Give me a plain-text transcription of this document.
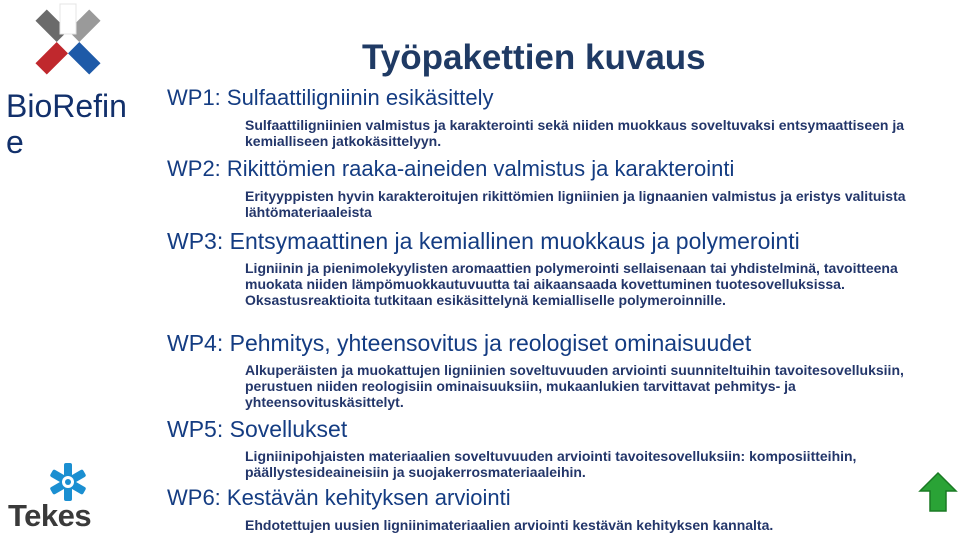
BioRefin e
Tekes
Työpakettien kuvaus
WP1: Sulfaattiligniinin esikäsittely

Sulfaattiligniinien valmistus ja karakterointi sekä niiden muokkaus soveltuvaksi entsymaattiseen ja kemialliseen jatkokäsittelyyn.

WP2: Rikittömien raaka-aineiden valmistus ja karakterointi

Erityyppisten hyvin karakteroitujen rikittömien ligniinien ja lignaanien valmistus ja eristys valituista lähtömateriaaleista

WP3: Entsymaattinen ja kemiallinen muokkaus ja polymerointi

Ligniinin ja pienimolekyylisten aromaattien polymerointi sellaisenaan tai yhdistelminä, tavoitteena muokata niiden lämpömuokkautuvuutta tai aikaansaada kovettuminen tuotesovelluksissa. Oksastusreaktioita tutkitaan esikäsittelynä kemialliselle polymeroinnille.

WP4: Pehmitys, yhteensovitus ja reologiset ominaisuudet

Alkuperäisten ja muokattujen ligniinien soveltuvuuden arviointi suunniteltuihin tavoitesovelluksiin, perustuen niiden reologisiin ominaisuuksiin, mukaanlukien tarvittavat pehmitys- ja yhteensovituskäsittelyt.

WP5: Sovellukset

Ligniinipohjaisten materiaalien soveltuvuuden arviointi tavoitesovelluksiin: komposiitteihin, päällystesideaineisiin ja suojakerrosmateriaaleihin.

WP6: Kestävän kehityksen arviointi

Ehdotettujen uusien ligniinimateriaalien arviointi kestävän kehityksen kannalta.
